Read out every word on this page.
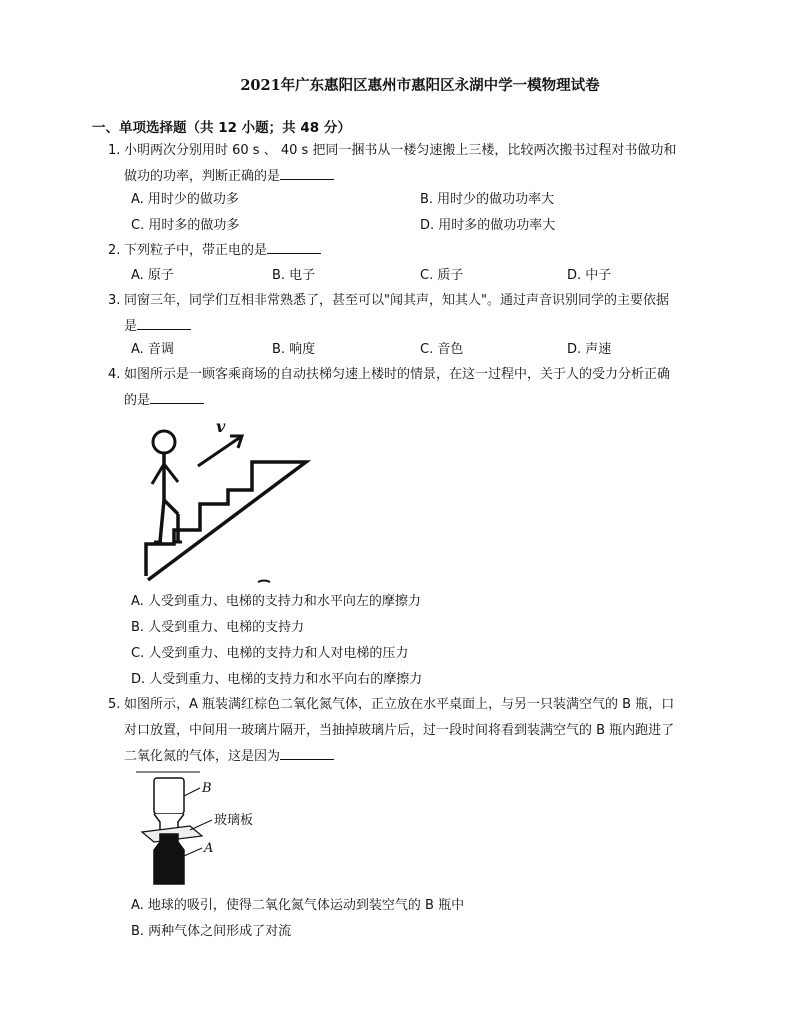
2021年广东惠阳区惠州市惠阳区永湖中学一模物理试卷
一、单项选择题（共 12 小题；共 48 分）
1. 小明两次分别用时 60 s 、 40 s 把同一捆书从一楼匀速搬上三楼，比较两次搬书过程对书做功和
做功的功率，判断正确的是
A. 用时少的做功多	B. 用时少的做功功率大
C. 用时多的做功多	D. 用时多的做功功率大
2. 下列粒子中，带正电的是
A. 原子	B. 电子	C. 质子	D. 中子
3. 同窗三年，同学们互相非常熟悉了，甚至可以"闻其声，知其人"。通过声音识别同学的主要依据
是
A. 音调	B. 响度	C. 音色	D. 声速
4. 如图所示是一顾客乘商场的自动扶梯匀速上楼时的情景，在这一过程中，关于人的受力分析正确
的是
v
A. 人受到重力、电梯的支持力和水平向左的摩擦力
B. 人受到重力、电梯的支持力
C. 人受到重力、电梯的支持力和人对电梯的压力
D. 人受到重力、电梯的支持力和水平向右的摩擦力
5. 如图所示，A 瓶装满红棕色二氧化氮气体，正立放在水平桌面上，与另一只装满空气的 B 瓶，口
对口放置，中间用一玻璃片隔开，当抽掉玻璃片后，过一段时间将看到装满空气的 B 瓶内跑进了
二氧化氮的气体，这是因为
B
玻璃板
A
A. 地球的吸引，使得二氧化氮气体运动到装空气的 B 瓶中
B. 两种气体之间形成了对流
